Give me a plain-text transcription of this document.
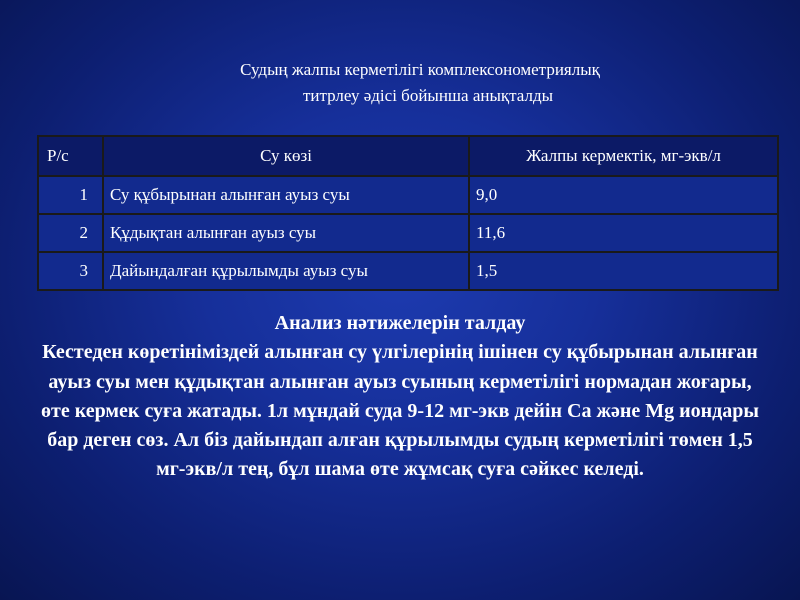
Судың жалпы керметілігі комплексонометриялық
титрлеу әдісі бойынша анықталды
Р/с	Су көзі	Жалпы кермектік, мг-экв/л
1	Су құбырынан алынған ауыз суы	9,0
2	Құдықтан алынған ауыз суы	11,6
3	Дайындалған құрылымды ауыз суы	1,5
Анализ нәтижелерін талдау
Кестеден көретініміздей алынған су үлгілерінің ішінен су құбырынан алынған ауыз суы мен құдықтан алынған ауыз суының керметілігі нормадан жоғары, өте кермек суға жатады. 1л мұндай суда 9-12 мг-экв дейін Са және Mg иондары бар деген сөз. Ал біз дайындап алған құрылымды судың керметілігі төмен 1,5 мг-экв/л тең, бұл шама өте жұмсақ суға сәйкес келеді.
